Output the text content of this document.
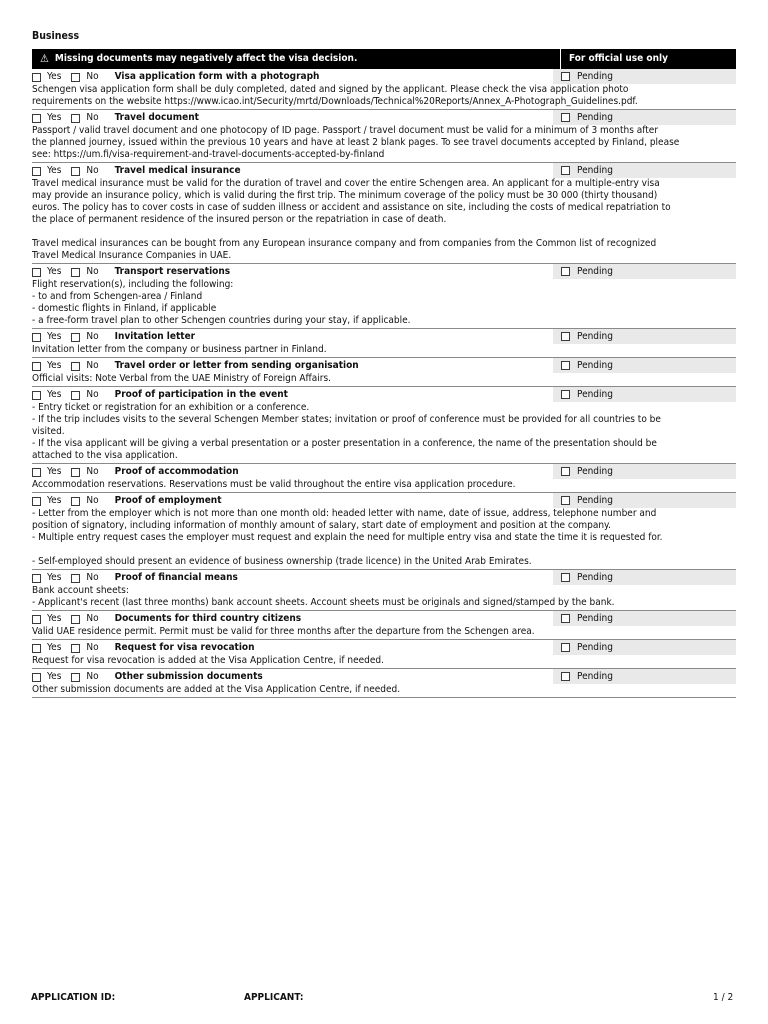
Business
⚠ Missing documents may negatively affect the visa decision.	For official use only
Yes	No Visa application form with a photograph	Pending
Schengen visa application form shall be duly completed, dated and signed by the applicant. Please check the visa application photo
requirements on the website https://www.icao.int/Security/mrtd/Downloads/Technical%20Reports/Annex_A-Photograph_Guidelines.pdf.
Yes	No Travel document	Pending
Passport / valid travel document and one photocopy of ID page. Passport / travel document must be valid for a minimum of 3 months after
the planned journey, issued within the previous 10 years and have at least 2 blank pages. To see travel documents accepted by Finland, please
see: https://um.fi/visa-requirement-and-travel-documents-accepted-by-finland
Yes	No Travel medical insurance	Pending
Travel medical insurance must be valid for the duration of travel and cover the entire Schengen area. An applicant for a multiple-entry visa
may provide an insurance policy, which is valid during the first trip. The minimum coverage of the policy must be 30 000 (thirty thousand)
euros. The policy has to cover costs in case of sudden illness or accident and assistance on site, including the costs of medical repatriation to
the place of permanent residence of the insured person or the repatriation in case of death.
Travel medical insurances can be bought from any European insurance company and from companies from the Common list of recognized
Travel Medical Insurance Companies in UAE.
Yes	No Transport reservations	Pending
Flight reservation(s), including the following:
- to and from Schengen-area / Finland
- domestic flights in Finland, if applicable
- a free-form travel plan to other Schengen countries during your stay, if applicable.
Yes	No Invitation letter	Pending
Invitation letter from the company or business partner in Finland.
Yes	No Travel order or letter from sending organisation	Pending
Official visits: Note Verbal from the UAE Ministry of Foreign Affairs.
Yes	No Proof of participation in the event	Pending
- Entry ticket or registration for an exhibition or a conference.
- If the trip includes visits to the several Schengen Member states; invitation or proof of conference must be provided for all countries to be
visited.
- If the visa applicant will be giving a verbal presentation or a poster presentation in a conference, the name of the presentation should be
attached to the visa application.
Yes	No Proof of accommodation	Pending
Accommodation reservations. Reservations must be valid throughout the entire visa application procedure.
Yes	No Proof of employment	Pending
- Letter from the employer which is not more than one month old: headed letter with name, date of issue, address, telephone number and
position of signatory, including information of monthly amount of salary, start date of employment and position at the company.
- Multiple entry request cases the employer must request and explain the need for multiple entry visa and state the time it is requested for.
- Self-employed should present an evidence of business ownership (trade licence) in the United Arab Emirates.
Yes	No Proof of financial means	Pending
Bank account sheets:
- Applicant's recent (last three months) bank account sheets. Account sheets must be originals and signed/stamped by the bank.
Yes	No Documents for third country citizens	Pending
Valid UAE residence permit. Permit must be valid for three months after the departure from the Schengen area.
Yes	No Request for visa revocation	Pending
Request for visa revocation is added at the Visa Application Centre, if needed.
Yes	No Other submission documents	Pending
Other submission documents are added at the Visa Application Centre, if needed.
APPLICATION ID:	APPLICANT:	1 / 2
